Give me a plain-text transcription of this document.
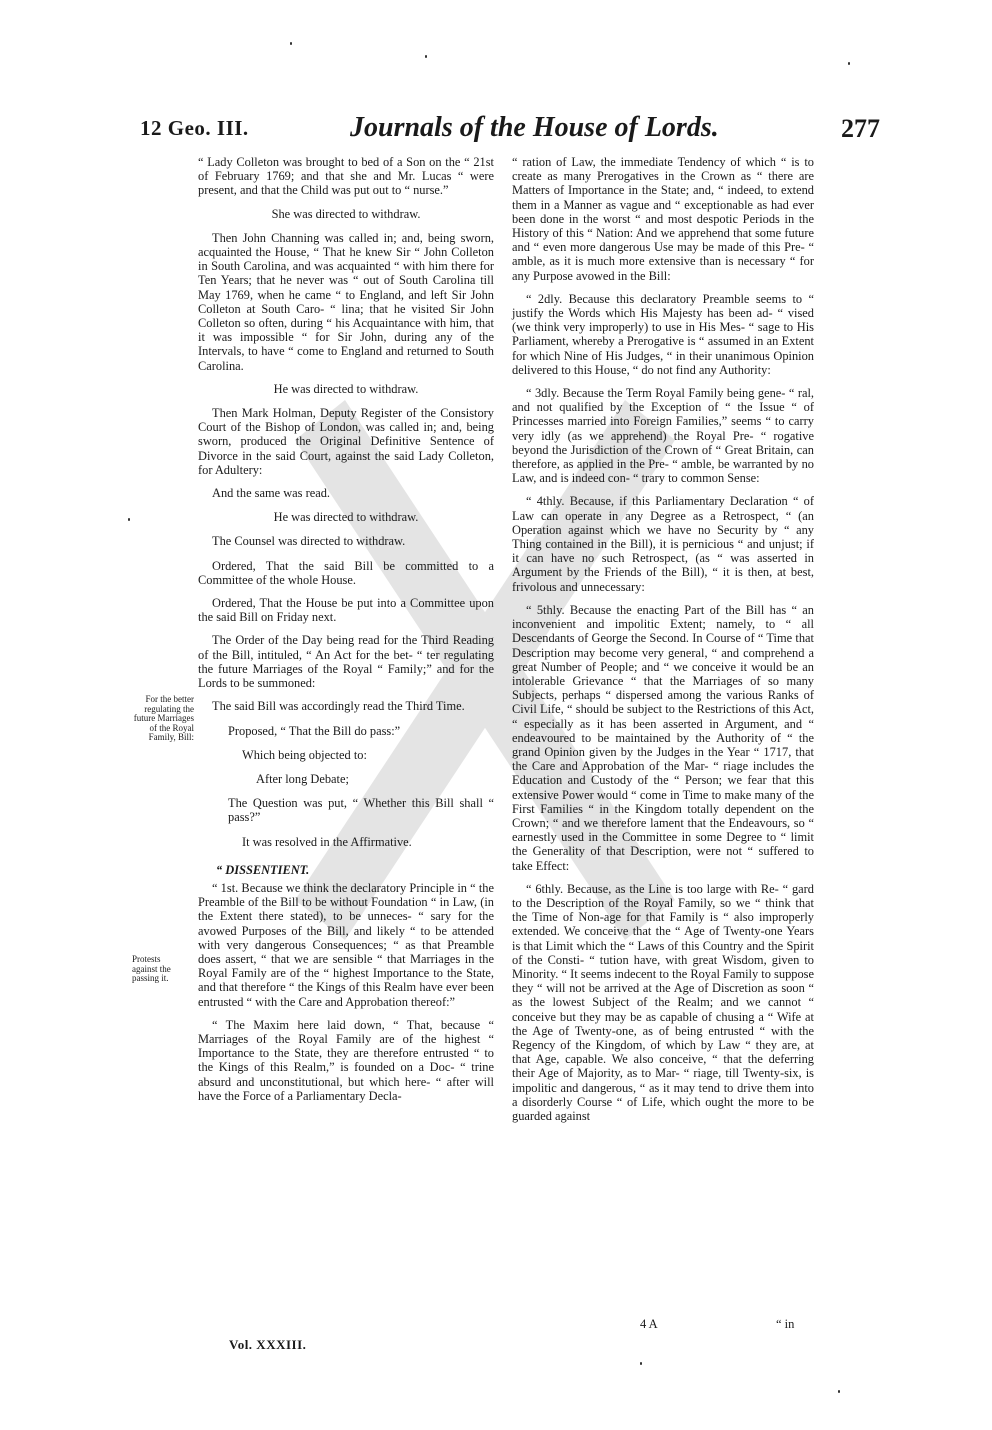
12 Geo. III.	Journals of the House of Lords.	277
For the better regulating the future Marriages of the Royal Family, Bill:
Protests against the passing it.
“ Lady Colleton was brought to bed of a Son on the “ 21st of February 1769; and that she and Mr. Lucas “ were present, and that the Child was put out to “ nurse.”
She was directed to withdraw.
Then John Channing was called in; and, being sworn, acquainted the House, “ That he knew Sir “ John Colleton in South Carolina, and was acquainted “ with him there for Ten Years; that he never was “ out of South Carolina till May 1769, when he came “ to England, and left Sir John Colleton at South Caro- “ lina; that he visited Sir John Colleton so often, during “ his Acquaintance with him, that it was impossible “ for Sir John, during any of the Intervals, to have “ come to England and returned to South Carolina.
He was directed to withdraw.
Then Mark Holman, Deputy Register of the Consistory Court of the Bishop of London, was called in; and, being sworn, produced the Original Definitive Sentence of Divorce in the said Court, against the said Lady Colleton, for Adultery:
And the same was read.
He was directed to withdraw.
The Counsel was directed to withdraw.
Ordered, That the said Bill be committed to a Committee of the whole House.
Ordered, That the House be put into a Committee upon the said Bill on Friday next.
The Order of the Day being read for the Third Reading of the Bill, intituled, “ An Act for the bet- “ ter regulating the future Marriages of the Royal “ Family;” and for the Lords to be summoned:
The said Bill was accordingly read the Third Time.
Proposed, “ That the Bill do pass:”
Which being objected to:
After long Debate;
The Question was put, “ Whether this Bill shall “ pass?”
It was resolved in the Affirmative.
“ DISSENTIENT.
“ 1st. Because we think the declaratory Principle in “ the Preamble of the Bill to be without Foundation “ in Law, (in the Extent there stated), to be unneces- “ sary for the avowed Purposes of the Bill, and likely “ to be attended with very dangerous Consequences; “ as that Preamble does assert, “ that we are sensible “ that Marriages in the Royal Family are of the “ highest Importance to the State, and that therefore “ the Kings of this Realm have ever been entrusted “ with the Care and Approbation thereof:”
“ The Maxim here laid down, “ That, because “ Marriages of the Royal Family are of the highest “ Importance to the State, they are therefore entrusted “ to the Kings of this Realm,” is founded on a Doc- “ trine absurd and unconstitutional, but which here- “ after will have the Force of a Parliamentary Decla-
“ ration of Law, the immediate Tendency of which “ is to create as many Prerogatives in the Crown as “ there are Matters of Importance in the State; and, “ indeed, to extend them in a Manner as vague and “ exceptionable as had ever been done in the worst “ and most despotic Periods in the History of this “ Nation: And we apprehend that some future and “ even more dangerous Use may be made of this Pre- “ amble, as it is much more extensive than is necessary “ for any Purpose avowed in the Bill:
“ 2dly. Because this declaratory Preamble seems to “ justify the Words which His Majesty has been ad- “ vised (we think very improperly) to use in His Mes- “ sage to His Parliament, whereby a Prerogative is “ assumed in an Extent for which Nine of His Judges, “ in their unanimous Opinion delivered to this House, “ do not find any Authority:
“ 3dly. Because the Term Royal Family being gene- “ ral, and not qualified by the Exception of “ the Issue “ of Princesses married into Foreign Families,” seems “ to carry very idly (as we apprehend) the Royal Pre- “ rogative beyond the Jurisdiction of the Crown of “ Great Britain, can therefore, as applied in the Pre- “ amble, be warranted by no Law, and is indeed con- “ trary to common Sense:
“ 4thly. Because, if this Parliamentary Declaration “ of Law can operate in any Degree as a Retrospect, “ (an Operation against which we have no Security by “ any Thing contained in the Bill), it is pernicious “ and unjust; if it can have no such Retrospect, (as “ was asserted in Argument by the Friends of the Bill), “ it is then, at best, frivolous and unnecessary:
“ 5thly. Because the enacting Part of the Bill has “ an inconvenient and impolitic Extent; namely, to “ all Descendants of George the Second. In Course of “ Time that Description may become very general, “ and comprehend a great Number of People; and “ we conceive it would be an intolerable Grievance “ that the Marriages of so many Subjects, perhaps “ dispersed among the various Ranks of Civil Life, “ should be subject to the Restrictions of this Act, “ especially as it has been asserted in Argument, and “ endeavoured to be maintained by the Authority of “ the grand Opinion given by the Judges in the Year “ 1717, that the Care and Approbation of the Mar- “ riage includes the Education and Custody of the “ Person; we fear that this extensive Power would “ come in Time to make many of the First Families “ in the Kingdom totally dependent on the Crown; “ and we therefore lament that the Endeavours, so “ earnestly used in the Committee in some Degree to “ limit the Generality of that Description, were not “ suffered to take Effect:
“ 6thly. Because, as the Line is too large with Re- “ gard to the Description of the Royal Family, so we “ think that the Time of Non-age for that Family is “ also improperly extended. We conceive that the “ Age of Twenty-one Years is that Limit which the “ Laws of this Country and the Spirit of the Consti- “ tution have, with great Wisdom, given to Minority. “ It seems indecent to the Royal Family to suppose they “ will not be arrived at the Age of Discretion as soon “ as the lowest Subject of the Realm; and we cannot “ conceive but they may be as capable of chusing a “ Wife at the Age of Twenty-one, as of being entrusted “ with the Regency of the Kingdom, of which by Law “ they are, at that Age, capable. We also conceive, “ that the deferring their Age of Majority, as to Mar- “ riage, till Twenty-six, is impolitic and dangerous, “ as it may tend to drive them into a disorderly Course “ of Life, which ought the more to be guarded against
Vol. XXXIII.
4 A	“ in
